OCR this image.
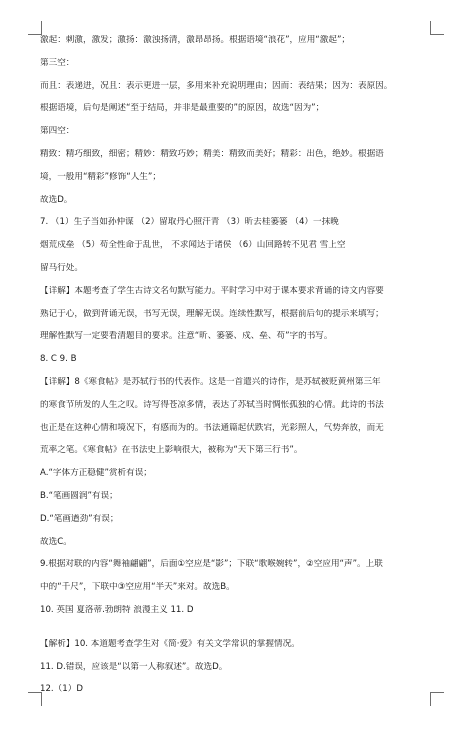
激起：刺激，激发；激扬：激浊扬清，激昂昂扬。根据语境“浪花”，应用“激起”；
第三空：
而且：表递进，况且：表示更进一层，多用来补充说明理由；因而：表结果；因为：表原因。
根据语境，后句是阐述“至于结局，并非是最重要的”的原因，故选“因为”；
第四空：
精致：精巧细致，细密；精妙：精致巧妙；精美：精致而美好；精彩：出色，绝妙。根据语
境，一般用“精彩”修饰“人生”；
故选D。
7. （1）生子当如孙仲谋 （2）留取丹心照汗青 （3）昕去桂篓篓 （4）一抹晚
烟荒戍垒 （5）苟全性命于乱世， 不求闻达于诸侯 （6）山回路转不见君 雪上空
留马行处。
【详解】本题考查了学生古诗文名句默写能力。平时学习中对于课本要求背诵的诗文内容要
熟记于心，做到背诵无误，书写无误，理解无误。连续性默写，根据前后句的提示来填写；
理解性默写一定要看清题目的要求。注意“昕、篓篓、戍、垒、苟”字的书写。
8. C 9. B
【详解】8《寒食帖》是苏轼行书的代表作。这是一首遣兴的诗作，是苏轼被贬黄州第三年
的寒食节所发的人生之叹。诗写得苍凉多情，表达了苏轼当时惆怅孤独的心情。此诗的书法
也正是在这种心情和境况下，有感而为的。书法通篇起伏跌宕，光彩照人，气势奔放，而无
荒率之笔。《寒食帖》在书法史上影响很大，被称为“天下第三行书”。
A.“字体方正稳健”赏析有误；
B.“笔画圆润”有误；
D.“笔画遒劲”有误；
故选C。
9.根据对联的内容“舞袖翩翩”，后面①空应是“影”；下联“歌喉婉转”，②空应用“声”。上联
中的“千尺”，下联中③空应用“半天”来对。故选B。
10. 英国 夏洛蒂.勃朗特 浪漫主义 11. D
【解析】10. 本道题考查学生对《简·爱》有关文学常识的掌握情况。
11. D.错误，应该是“以第一人称叙述”。故选D。
12.（1）D
